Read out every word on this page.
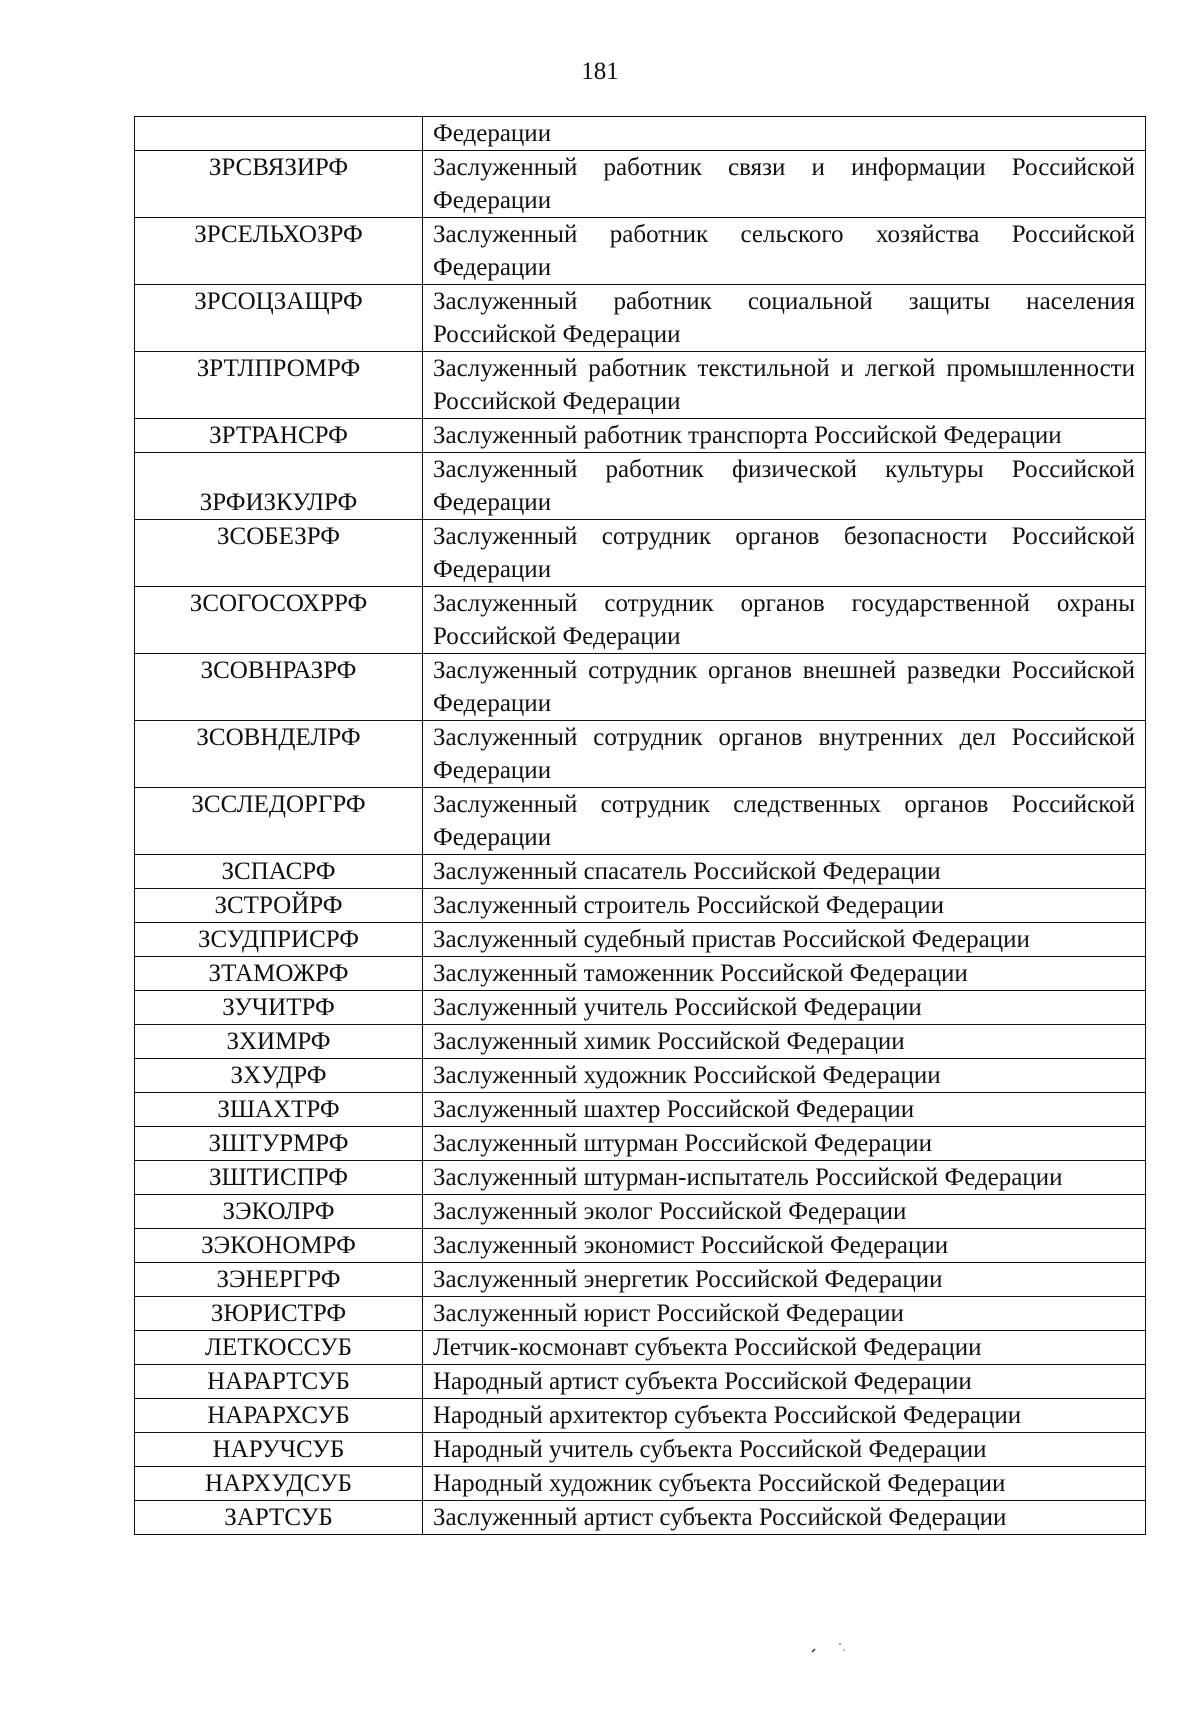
181
	Федерации
ЗРСВЯЗИРФ	Заслуженный работник связи и информации Российской Федерации
ЗРСЕЛЬХОЗРФ	Заслуженный работник сельского хозяйства Российской Федерации
ЗРСОЦЗАЩРФ	Заслуженный работник социальной защиты населения Российской Федерации
ЗРТЛПРОМРФ	Заслуженный работник текстильной и легкой промышленности Российской Федерации
ЗРТРАНСРФ	Заслуженный работник транспорта Российской Федерации
ЗРФИЗКУЛРФ	Заслуженный работник физической культуры Российской Федерации
ЗСОБЕЗРФ	Заслуженный сотрудник органов безопасности Российской Федерации
ЗСОГОСОХРРФ	Заслуженный сотрудник органов государственной охраны Российской Федерации
ЗСОВНРАЗРФ	Заслуженный сотрудник органов внешней разведки Российской Федерации
ЗСОВНДЕЛРФ	Заслуженный сотрудник органов внутренних дел Российской Федерации
ЗССЛЕДОРГРФ	Заслуженный сотрудник следственных органов Российской Федерации
ЗСПАСРФ	Заслуженный спасатель Российской Федерации
ЗСТРОЙРФ	Заслуженный строитель Российской Федерации
ЗСУДПРИСРФ	Заслуженный судебный пристав Российской Федерации
ЗТАМОЖРФ	Заслуженный таможенник Российской Федерации
ЗУЧИТРФ	Заслуженный учитель Российской Федерации
ЗХИМРФ	Заслуженный химик Российской Федерации
ЗХУДРФ	Заслуженный художник Российской Федерации
ЗШАХТРФ	Заслуженный шахтер Российской Федерации
ЗШТУРМРФ	Заслуженный штурман Российской Федерации
ЗШТИСПРФ	Заслуженный штурман-испытатель Российской Федерации
ЗЭКОЛРФ	Заслуженный эколог Российской Федерации
ЗЭКОНОМРФ	Заслуженный экономист Российской Федерации
ЗЭНЕРГРФ	Заслуженный энергетик Российской Федерации
ЗЮРИСТРФ	Заслуженный юрист Российской Федерации
ЛЕТКОССУБ	Летчик-космонавт субъекта Российской Федерации
НАРАРТСУБ	Народный артист субъекта Российской Федерации
НАРАРХСУБ	Народный архитектор субъекта Российской Федерации
НАРУЧСУБ	Народный учитель субъекта Российской Федерации
НАРХУДСУБ	Народный художник субъекта Российской Федерации
ЗАРТСУБ	Заслуженный артист субъекта Российской Федерации
